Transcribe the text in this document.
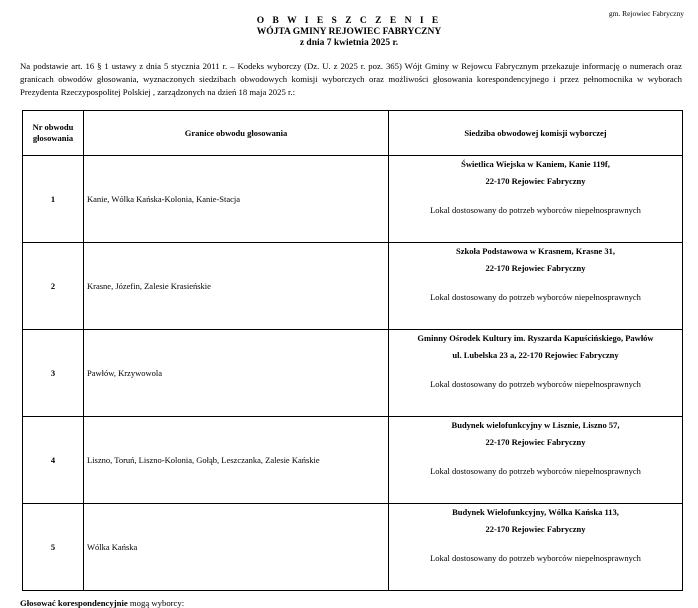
gm. Rejowiec Fabryczny
O B W I E S Z C Z E N I E
WÓJTA GMINY REJOWIEC FABRYCZNY
z dnia 7 kwietnia 2025 r.
Na podstawie art. 16 § 1 ustawy z dnia 5 stycznia 2011 r. – Kodeks wyborczy (Dz. U. z 2025 r. poz. 365) Wójt Gminy w Rejowcu Fabrycznym przekazuje informację o numerach oraz granicach obwodów głosowania, wyznaczonych siedzibach obwodowych komisji wyborczych oraz możliwości głosowania korespondencyjnego i przez pełnomocnika w wyborach Prezydenta Rzeczypospolitej Polskiej , zarządzonych na dzień 18 maja 2025 r.:
Nr obwodu głosowania	Granice obwodu głosowania	Siedziba obwodowej komisji wyborczej
1	Kanie, Wólka Kańska-Kolonia, Kanie-Stacja	Świetlica Wiejska w Kaniem, Kanie 119f,
22-170 Rejowiec Fabryczny
Lokal dostosowany do potrzeb wyborców niepełnosprawnych

2	Krasne, Józefin, Zalesie Krasieńskie	Szkoła Podstawowa w Krasnem, Krasne 31,
22-170 Rejowiec Fabryczny
Lokal dostosowany do potrzeb wyborców niepełnosprawnych

3	Pawłów, Krzywowola	Gminny Ośrodek Kultury im. Ryszarda Kapuścińskiego, Pawłów
ul. Lubelska 23 a, 22-170 Rejowiec Fabryczny
Lokal dostosowany do potrzeb wyborców niepełnosprawnych

4	Liszno, Toruń, Liszno-Kolonia, Gołąb, Leszczanka, Zalesie Kańskie	Budynek wielofunkcyjny w Lisznie, Liszno 57,
22-170 Rejowiec Fabryczny
Lokal dostosowany do potrzeb wyborców niepełnosprawnych

5	Wólka Kańska	Budynek Wielofunkcyjny, Wólka Kańska 113,
22-170 Rejowiec Fabryczny
Lokal dostosowany do potrzeb wyborców niepełnosprawnych
Głosować korespondencyjnie mogą wyborcy:
